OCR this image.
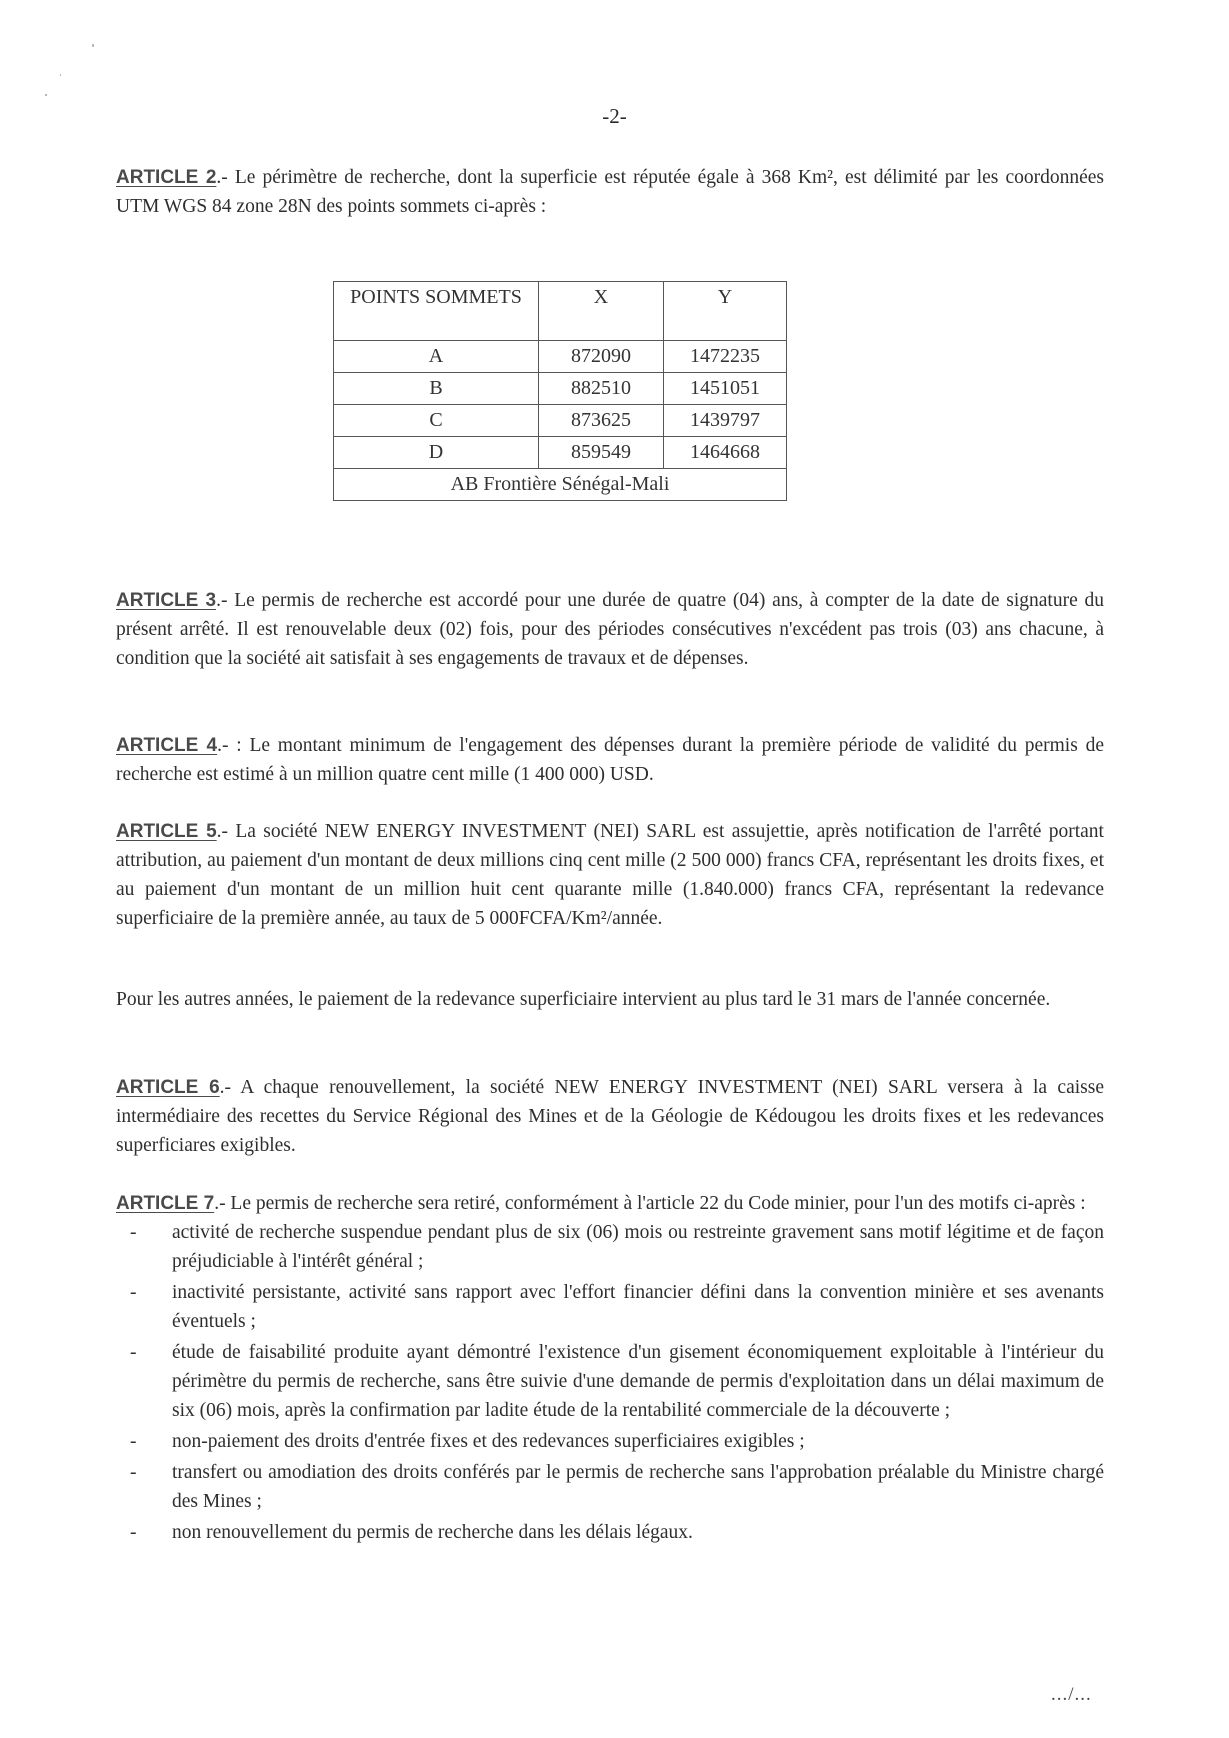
-2-

ARTICLE 2.- Le périmètre de recherche, dont la superficie est réputée égale à 368 Km², est délimité par les coordonnées UTM WGS 84 zone 28N des points sommets ci-après :

POINTS SOMMETS	X	Y
A	872090	1472235
B	882510	1451051
C	873625	1439797
D	859549	1464668
AB Frontière Sénégal-Mali		

ARTICLE 3.- Le permis de recherche est accordé pour une durée de quatre (04) ans, à compter de la date de signature du présent arrêté. Il est renouvelable deux (02) fois, pour des périodes consécutives n'excédent pas trois (03) ans chacune, à condition que la société ait satisfait à ses engagements de travaux et de dépenses.

ARTICLE 4.- : Le montant minimum de l'engagement des dépenses durant la première période de validité du permis de recherche est estimé à un million quatre cent mille (1 400 000) USD.

ARTICLE 5.- La société NEW ENERGY INVESTMENT (NEI) SARL est assujettie, après notification de l'arrêté portant attribution, au paiement d'un montant de deux millions cinq cent mille (2 500 000) francs CFA, représentant les droits fixes, et au paiement d'un montant de un million huit cent quarante mille (1.840.000) francs CFA, représentant la redevance superficiaire de la première année, au taux de 5 000FCFA/Km²/année.

Pour les autres années, le paiement de la redevance superficiaire intervient au plus tard le 31 mars de l'année concernée.

ARTICLE 6.- A chaque renouvellement, la société NEW ENERGY INVESTMENT (NEI) SARL versera à la caisse intermédiaire des recettes du Service Régional des Mines et de la Géologie de Kédougou les droits fixes et les redevances superficiares exigibles.

ARTICLE 7.- Le permis de recherche sera retiré, conformément à l'article 22 du Code minier, pour l'un des motifs ci-après :

- activité de recherche suspendue pendant plus de six (06) mois ou restreinte gravement sans motif légitime et de façon préjudiciable à l'intérêt général ;
- inactivité persistante, activité sans rapport avec l'effort financier défini dans la convention minière et ses avenants éventuels ;
- étude de faisabilité produite ayant démontré l'existence d'un gisement économiquement exploitable à l'intérieur du périmètre du permis de recherche, sans être suivie d'une demande de permis d'exploitation dans un délai maximum de six (06) mois, après la confirmation par ladite étude de la rentabilité commerciale de la découverte ;
- non-paiement des droits d'entrée fixes et des redevances superficiaires exigibles ;
- transfert ou amodiation des droits conférés par le permis de recherche sans l'approbation préalable du Ministre chargé des Mines ;
- non renouvellement du permis de recherche dans les délais légaux.
.../...
